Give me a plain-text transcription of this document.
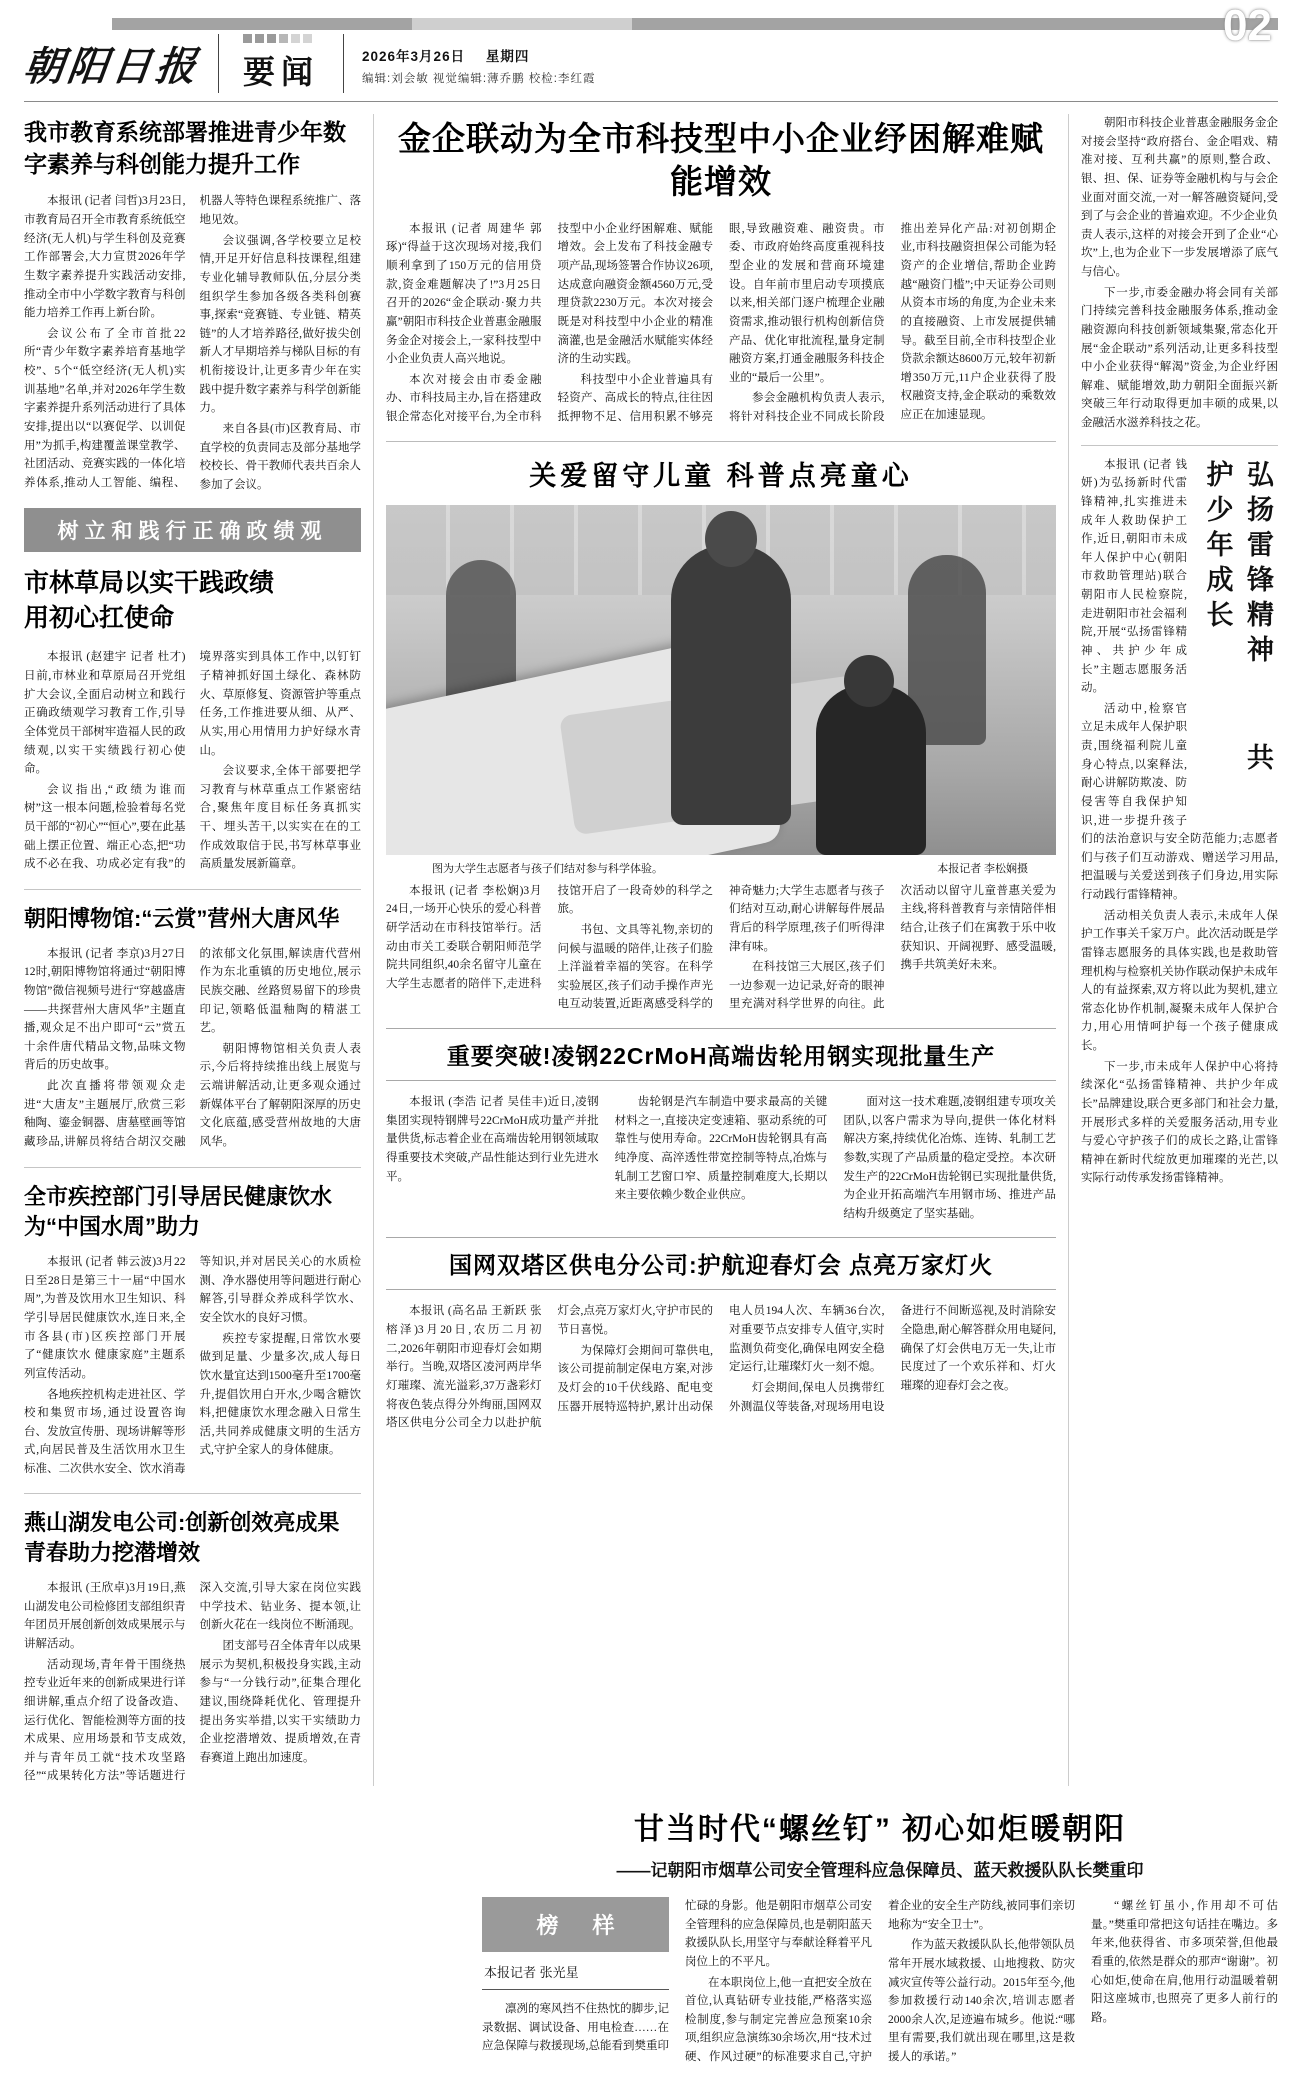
02
朝阳日报 要闻	2026年3月26日 星期四
编辑:刘会敏 视觉编辑:薄乔鹏 校检:李红霞
我市教育系统部署推进青少年数字素养与科创能力提升工作

本报讯 (记者 闫哲)3月23日,市教育局召开全市教育系统低空经济(无人机)与学生科创及竞赛工作部署会,大力宣贯2026年学生数字素养提升实践活动安排,推动全市中小学数字教育与科创能力培养工作再上新台阶。

会议公布了全市首批22所“青少年数字素养培育基地学校”、5个“低空经济(无人机)实训基地”名单,并对2026年学生数字素养提升系列活动进行了具体安排,提出以“以赛促学、以训促用”为抓手,构建覆盖课堂教学、社团活动、竞赛实践的一体化培养体系,推动人工智能、编程、机器人等特色课程系统推广、落地见效。

会议强调,各学校要立足校情,开足开好信息科技课程,组建专业化辅导教师队伍,分层分类组织学生参加各级各类科创赛事,探索“竞赛链、专业链、精英链”的人才培养路径,做好拔尖创新人才早期培养与梯队目标的有机衔接设计,让更多青少年在实践中提升数字素养与科学创新能力。

来自各县(市)区教育局、市直学校的负责同志及部分基地学校校长、骨干教师代表共百余人参加了会议。

树立和践行正确政绩观
市林草局以实干践政绩
用初心扛使命

本报讯 (赵建宇 记者 杜才)日前,市林业和草原局召开党组扩大会议,全面启动树立和践行正确政绩观学习教育工作,引导全体党员干部树牢造福人民的政绩观,以实干实绩践行初心使命。

会议指出,“政绩为谁而树”这一根本问题,检验着每名党员干部的“初心”“恒心”,要在此基础上摆正位置、端正心态,把“功成不必在我、功成必定有我”的境界落实到具体工作中,以钉钉子精神抓好国土绿化、森林防火、草原修复、资源管护等重点任务,工作推进要从细、从严、从实,用心用情用力护好绿水青山。

会议要求,全体干部要把学习教育与林草重点工作紧密结合,聚焦年度目标任务真抓实干、埋头苦干,以实实在在的工作成效取信于民,书写林草事业高质量发展新篇章。

朝阳博物馆:“云赏”营州大唐风华

本报讯 (记者 李京)3月27日12时,朝阳博物馆将通过“朝阳博物馆”微信视频号进行“穿越盛唐——共探营州大唐风华”主题直播,观众足不出户即可“云”赏五十余件唐代精品文物,品味文物背后的历史故事。

此次直播将带领观众走进“大唐友”主题展厅,欣赏三彩釉陶、鎏金铜器、唐墓壁画等馆藏珍品,讲解员将结合胡汉交融的浓郁文化氛围,解读唐代营州作为东北重镇的历史地位,展示民族交融、丝路贸易留下的珍贵印记,领略低温釉陶的精湛工艺。

朝阳博物馆相关负责人表示,今后将持续推出线上展览与云端讲解活动,让更多观众通过新媒体平台了解朝阳深厚的历史文化底蕴,感受营州故地的大唐风华。

全市疾控部门引导居民健康饮水
为“中国水周”助力

本报讯 (记者 韩云波)3月22日至28日是第三十一届“中国水周”,为普及饮用水卫生知识、科学引导居民健康饮水,连日来,全市各县(市)区疾控部门开展了“健康饮水 健康家庭”主题系列宣传活动。

各地疾控机构走进社区、学校和集贸市场,通过设置咨询台、发放宣传册、现场讲解等形式,向居民普及生活饮用水卫生标准、二次供水安全、饮水消毒等知识,并对居民关心的水质检测、净水器使用等问题进行耐心解答,引导群众养成科学饮水、安全饮水的良好习惯。

疾控专家提醒,日常饮水要做到足量、少量多次,成人每日饮水量宜达到1500毫升至1700毫升,提倡饮用白开水,少喝含糖饮料,把健康饮水理念融入日常生活,共同养成健康文明的生活方式,守护全家人的身体健康。

燕山湖发电公司:创新创效亮成果
青春助力挖潜增效

本报讯 (王欣卓)3月19日,燕山湖发电公司检修团支部组织青年团员开展创新创效成果展示与讲解活动。

活动现场,青年骨干围绕热控专业近年来的创新成果进行详细讲解,重点介绍了设备改造、运行优化、智能检测等方面的技术成果、应用场景和节支成效,并与青年员工就“技术攻坚路径”“成果转化方法”等话题进行深入交流,引导大家在岗位实践中学技术、钻业务、提本领,让创新火花在一线岗位不断涌现。

团支部号召全体青年以成果展示为契机,积极投身实践,主动参与“一分钱行动”,征集合理化建议,围绕降耗优化、管理提升提出务实举措,以实干实绩助力企业挖潜增效、提质增效,在青春赛道上跑出加速度。

金企联动为全市科技型中小企业纾困解难赋能增效

本报讯 (记者 周建华 郭琢)“得益于这次现场对接,我们顺利拿到了150万元的信用贷款,资金难题解决了!”3月25日召开的2026“金企联动·聚力共赢”朝阳市科技企业普惠金融服务金企对接会上,一家科技型中小企业负责人高兴地说。

本次对接会由市委金融办、市科技局主办,旨在搭建政银企常态化对接平台,为全市科技型中小企业纾困解难、赋能增效。会上发布了科技金融专项产品,现场签署合作协议26项,达成意向融资金额4560万元,受理贷款2230万元。本次对接会既是对科技型中小企业的精准滴灌,也是金融活水赋能实体经济的生动实践。

科技型中小企业普遍具有轻资产、高成长的特点,往往因抵押物不足、信用积累不够亮眼,导致融资难、融资贵。市委、市政府始终高度重视科技型企业的发展和营商环境建设。自年前市里启动专项摸底以来,相关部门逐户梳理企业融资需求,推动银行机构创新信贷产品、优化审批流程,量身定制融资方案,打通金融服务科技企业的“最后一公里”。

参会金融机构负责人表示,将针对科技企业不同成长阶段推出差异化产品:对初创期企业,市科技融资担保公司能为轻资产的企业增信,帮助企业跨越“融资门槛”;中天证券公司则从资本市场的角度,为企业未来的直接融资、上市发展提供辅导。截至目前,全市科技型企业贷款余额达8600万元,较年初新增350万元,11户企业获得了股权融资支持,金企联动的乘数效应正在加速显现。

关爱留守儿童 科普点亮童心
图为大学生志愿者与孩子们结对参与科学体验。	本报记者 李松娴摄

本报讯 (记者 李松娴)3月24日,一场开心快乐的爱心科普研学活动在市科技馆举行。活动由市关工委联合朝阳师范学院共同组织,40余名留守儿童在大学生志愿者的陪伴下,走进科技馆开启了一段奇妙的科学之旅。

书包、文具等礼物,亲切的问候与温暖的陪伴,让孩子们脸上洋溢着幸福的笑容。在科学实验展区,孩子们动手操作声光电互动装置,近距离感受科学的神奇魅力;大学生志愿者与孩子们结对互动,耐心讲解每件展品背后的科学原理,孩子们听得津津有味。

在科技馆三大展区,孩子们一边参观一边记录,好奇的眼神里充满对科学世界的向往。此次活动以留守儿童普惠关爱为主线,将科普教育与亲情陪伴相结合,让孩子们在寓教于乐中收获知识、开阔视野、感受温暖,携手共筑美好未来。

重要突破!凌钢22CrMoH高端齿轮用钢实现批量生产

本报讯 (李浩 记者 吴佳丰)近日,凌钢集团实现特钢牌号22CrMoH成功量产并批量供货,标志着企业在高端齿轮用钢领域取得重要技术突破,产品性能达到行业先进水平。

齿轮钢是汽车制造中要求最高的关键材料之一,直接决定变速箱、驱动系统的可靠性与使用寿命。22CrMoH齿轮钢具有高纯净度、高淬透性带宽控制等特点,冶炼与轧制工艺窗口窄、质量控制难度大,长期以来主要依赖少数企业供应。

面对这一技术难题,凌钢组建专项攻关团队,以客户需求为导向,提供一体化材料解决方案,持续优化冶炼、连铸、轧制工艺参数,实现了产品质量的稳定受控。本次研发生产的22CrMoH齿轮钢已实现批量供货,为企业开拓高端汽车用钢市场、推进产品结构升级奠定了坚实基础。

国网双塔区供电分公司:护航迎春灯会 点亮万家灯火

本报讯 (高名品 王新跃 张榕泽)3月20日,农历二月初二,2026年朝阳市迎春灯会如期举行。当晚,双塔区凌河两岸华灯璀璨、流光溢彩,37万盏彩灯将夜色装点得分外绚丽,国网双塔区供电分公司全力以赴护航灯会,点亮万家灯火,守护市民的节日喜悦。

为保障灯会期间可靠供电,该公司提前制定保电方案,对涉及灯会的10千伏线路、配电变压器开展特巡特护,累计出动保电人员194人次、车辆36台次,对重要节点安排专人值守,实时监测负荷变化,确保电网安全稳定运行,让璀璨灯火一刻不熄。

灯会期间,保电人员携带红外测温仪等装备,对现场用电设备进行不间断巡视,及时消除安全隐患,耐心解答群众用电疑问,确保了灯会供电万无一失,让市民度过了一个欢乐祥和、灯火璀璨的迎春灯会之夜。

朝阳市科技企业普惠金融服务金企对接会坚持“政府搭台、金企唱戏、精准对接、互利共赢”的原则,整合政、银、担、保、证券等金融机构与与会企业面对面交流,一对一解答融资疑问,受到了与会企业的普遍欢迎。不少企业负责人表示,这样的对接会开到了企业“心坎”上,也为企业下一步发展增添了底气与信心。

下一步,市委金融办将会同有关部门持续完善科技金融服务体系,推动金融资源向科技创新领域集聚,常态化开展“金企联动”系列活动,让更多科技型中小企业获得“解渴”资金,为企业纾困解难、赋能增效,助力朝阳全面振兴新突破三年行动取得更加丰硕的成果,以金融活水滋养科技之花。

弘扬雷锋精神 共护少年成长

本报讯 (记者 钱妍)为弘扬新时代雷锋精神,扎实推进未成年人救助保护工作,近日,朝阳市未成年人保护中心(朝阳市救助管理站)联合朝阳市人民检察院,走进朝阳市社会福利院,开展“弘扬雷锋精神、共护少年成长”主题志愿服务活动。

活动中,检察官立足未成年人保护职责,围绕福利院儿童身心特点,以案释法,耐心讲解防欺凌、防侵害等自我保护知识,进一步提升孩子们的法治意识与安全防范能力;志愿者们与孩子们互动游戏、赠送学习用品,把温暖与关爱送到孩子们身边,用实际行动践行雷锋精神。

活动相关负责人表示,未成年人保护工作事关千家万户。此次活动既是学雷锋志愿服务的具体实践,也是救助管理机构与检察机关协作联动保护未成年人的有益探索,双方将以此为契机,建立常态化协作机制,凝聚未成年人保护合力,用心用情呵护每一个孩子健康成长。

下一步,市未成年人保护中心将持续深化“弘扬雷锋精神、共护少年成长”品牌建设,联合更多部门和社会力量,开展形式多样的关爱服务活动,用专业与爱心守护孩子们的成长之路,让雷锋精神在新时代绽放更加璀璨的光芒,以实际行动传承发扬雷锋精神。

甘当时代“螺丝钉” 初心如炬暖朝阳
——记朝阳市烟草公司安全管理科应急保障员、蓝天救援队队长樊重印
榜 样
本报记者 张光星

凛冽的寒风挡不住热忱的脚步,记录数据、调试设备、用电检查……在应急保障与救援现场,总能看到樊重印忙碌的身影。他是朝阳市烟草公司安全管理科的应急保障员,也是朝阳蓝天救援队队长,用坚守与奉献诠释着平凡岗位上的不平凡。

在本职岗位上,他一直把安全放在首位,认真钻研专业技能,严格落实巡检制度,参与制定完善应急预案10余项,组织应急演练30余场次,用“技术过硬、作风过硬”的标准要求自己,守护着企业的安全生产防线,被同事们亲切地称为“安全卫士”。

作为蓝天救援队队长,他带领队员常年开展水域救援、山地搜救、防灾减灾宣传等公益行动。2015年至今,他参加救援行动140余次,培训志愿者2000余人次,足迹遍布城乡。他说:“哪里有需要,我们就出现在哪里,这是救援人的承诺。”

“螺丝钉虽小,作用却不可估量。”樊重印常把这句话挂在嘴边。多年来,他获得省、市多项荣誉,但他最看重的,依然是群众的那声“谢谢”。初心如炬,使命在肩,他用行动温暖着朝阳这座城市,也照亮了更多人前行的路。
